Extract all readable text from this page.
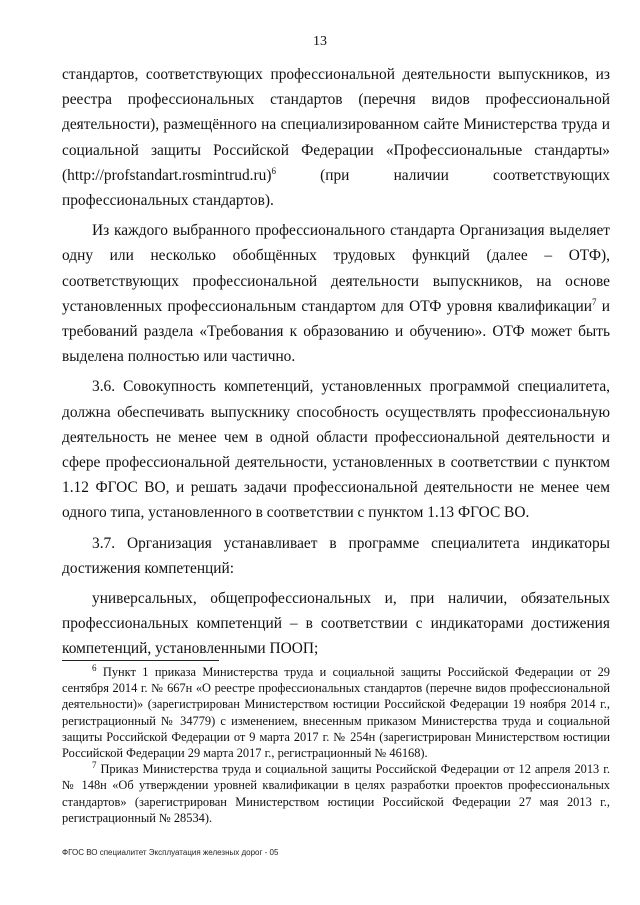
13

стандартов, соответствующих профессиональной деятельности выпускников, из реестра профессиональных стандартов (перечня видов профессиональной деятельности), размещённого на специализированном сайте Министерства труда и социальной защиты Российской Федерации «Профессиональные стандарты» (http://profstandart.rosmintrud.ru)$^6$ (при наличии соответствующих профессиональных стандартов).

Из каждого выбранного профессионального стандарта Организация выделяет одну или несколько обобщённых трудовых функций (далее – ОТФ), соответствующих профессиональной деятельности выпускников, на основе установленных профессиональным стандартом для ОТФ уровня квалификации$^7$ и требований раздела «Требования к образованию и обучению». ОТФ может быть выделена полностью или частично.

3.6. Совокупность компетенций, установленных программой специалитета, должна обеспечивать выпускнику способность осуществлять профессиональную деятельность не менее чем в одной области профессиональной деятельности и сфере профессиональной деятельности, установленных в соответствии с пунктом 1.12 ФГОС ВО, и решать задачи профессиональной деятельности не менее чем одного типа, установленного в соответствии с пунктом 1.13 ФГОС ВО.

3.7. Организация устанавливает в программе специалитета индикаторы достижения компетенций:

универсальных, общепрофессиональных и, при наличии, обязательных профессиональных компетенций – в соответствии с индикаторами достижения компетенций, установленными ПООП;

$^6$ Пункт 1 приказа Министерства труда и социальной защиты Российской Федерации от 29 сентября 2014 г. № 667н «О реестре профессиональных стандартов (перечне видов профессиональной деятельности)» (зарегистрирован Министерством юстиции Российской Федерации 19 ноября 2014 г., регистрационный № 34779) с изменением, внесенным приказом Министерства труда и социальной защиты Российской Федерации от 9 марта 2017 г. № 254н (зарегистрирован Министерством юстиции Российской Федерации 29 марта 2017 г., регистрационный № 46168).

$^7$ Приказ Министерства труда и социальной защиты Российской Федерации от 12 апреля 2013 г. № 148н «Об утверждении уровней квалификации в целях разработки проектов профессиональных стандартов» (зарегистрирован Министерством юстиции Российской Федерации 27 мая 2013 г., регистрационный № 28534).

ФГОС ВО специалитет Эксплуатация железных дорог - 05
